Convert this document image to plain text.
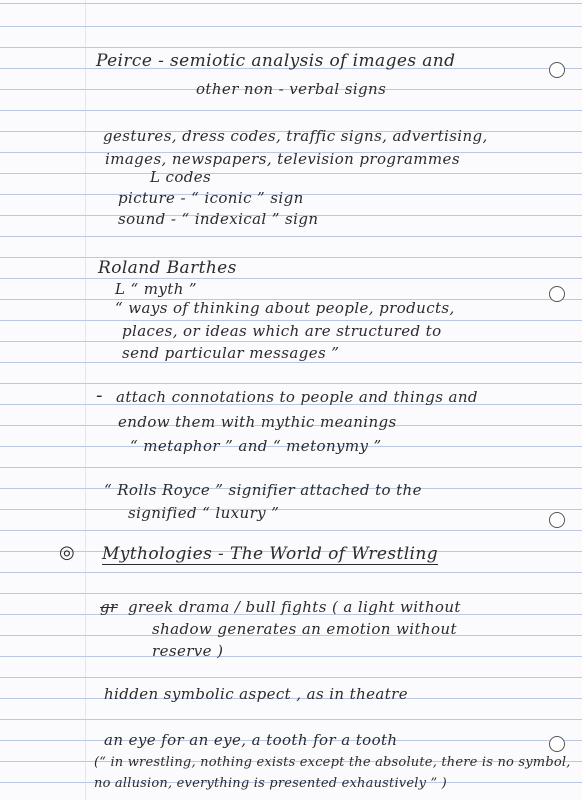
Peirce - semiotic analysis of images and
other non - verbal signs
gestures, dress codes, traffic signs, advertising,
images, newspapers, television programmes
L codes
picture - “ iconic ” sign
sound - “ indexical ” sign
Roland Barthes
L “ myth ”
“ ways of thinking about people, products,
places, or ideas which are structured to
send particular messages ”
- attach connotations to people and things and
endow them with mythic meanings
“ metaphor ” and “ metonymy ”
“ Rolls Royce ” signifier attached to the
signified “ luxury ”
◎ Mythologies - The World of Wrestling
gr greek drama / bull fights ( a light without
shadow generates an emotion without
reserve )
hidden symbolic aspect , as in theatre
an eye for an eye, a tooth for a tooth
(“ in wrestling, nothing exists except the absolute, there is no symbol,
no allusion, everything is presented exhaustively ” )
